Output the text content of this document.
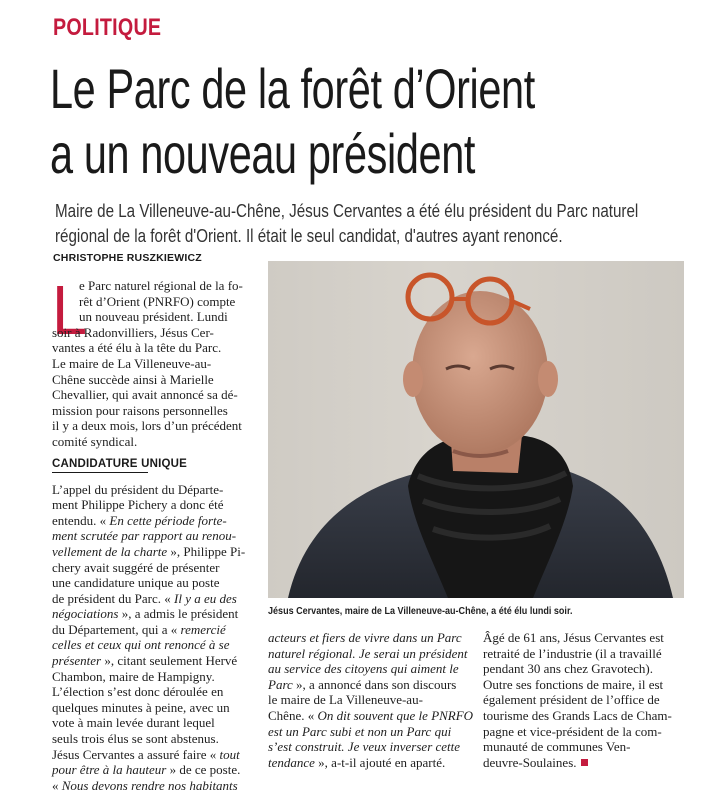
POLITIQUE
Le Parc de la forêt d’Orient
a un nouveau président
Maire de La Villeneuve-au-Chêne, Jésus Cervantes a été élu président du Parc naturel
régional de la forêt d'Orient. Il était le seul candidat, d'autres ayant renoncé.
CHRISTOPHE RUSZKIEWICZ
L
e Parc naturel régional de la fo-
rêt d’Orient (PNRFO) compte
un nouveau président. Lundi
soir à Radonvilliers, Jésus Cer-
vantes a été élu à la tête du Parc.
Le maire de La Villeneuve-au-
Chêne succède ainsi à Marielle
Chevallier, qui avait annoncé sa dé-
mission pour raisons personnelles
il y a deux mois, lors d’un précédent
comité syndical.
L’appel du président du Départe-
ment Philippe Pichery a donc été
entendu. « En cette période forte-
ment scrutée par rapport au renou-
vellement de la charte », Philippe Pi-
chery avait suggéré de présenter
une candidature unique au poste
de président du Parc. « Il y a eu des
négociations », a admis le président
du Département, qui a « remercié
celles et ceux qui ont renoncé à se
présenter », citant seulement Hervé
Chambon, maire de Hampigny.
L’élection s’est donc déroulée en
quelques minutes à peine, avec un
vote à main levée durant lequel
seuls trois élus se sont abstenus.
Jésus Cervantes a assuré faire « tout
pour être à la hauteur » de ce poste.
« Nous devons rendre nos habitants
CANDIDATURE UNIQUE
Jésus Cervantes, maire de La Villeneuve-au-Chêne, a été élu lundi soir.
acteurs et fiers de vivre dans un Parc
naturel régional. Je serai un président
au service des citoyens qui aiment le
Parc », a annoncé dans son discours
le maire de La Villeneuve-au-
Chêne. « On dit souvent que le PNRFO
est un Parc subi et non un Parc qui
s’est construit. Je veux inverser cette
tendance », a-t-il ajouté en aparté.
Âgé de 61 ans, Jésus Cervantes est
retraité de l’industrie (il a travaillé
pendant 30 ans chez Gravotech).
Outre ses fonctions de maire, il est
également président de l’office de
tourisme des Grands Lacs de Cham-
pagne et vice-président de la com-
munauté de communes Ven-
deuvre-Soulaines.
